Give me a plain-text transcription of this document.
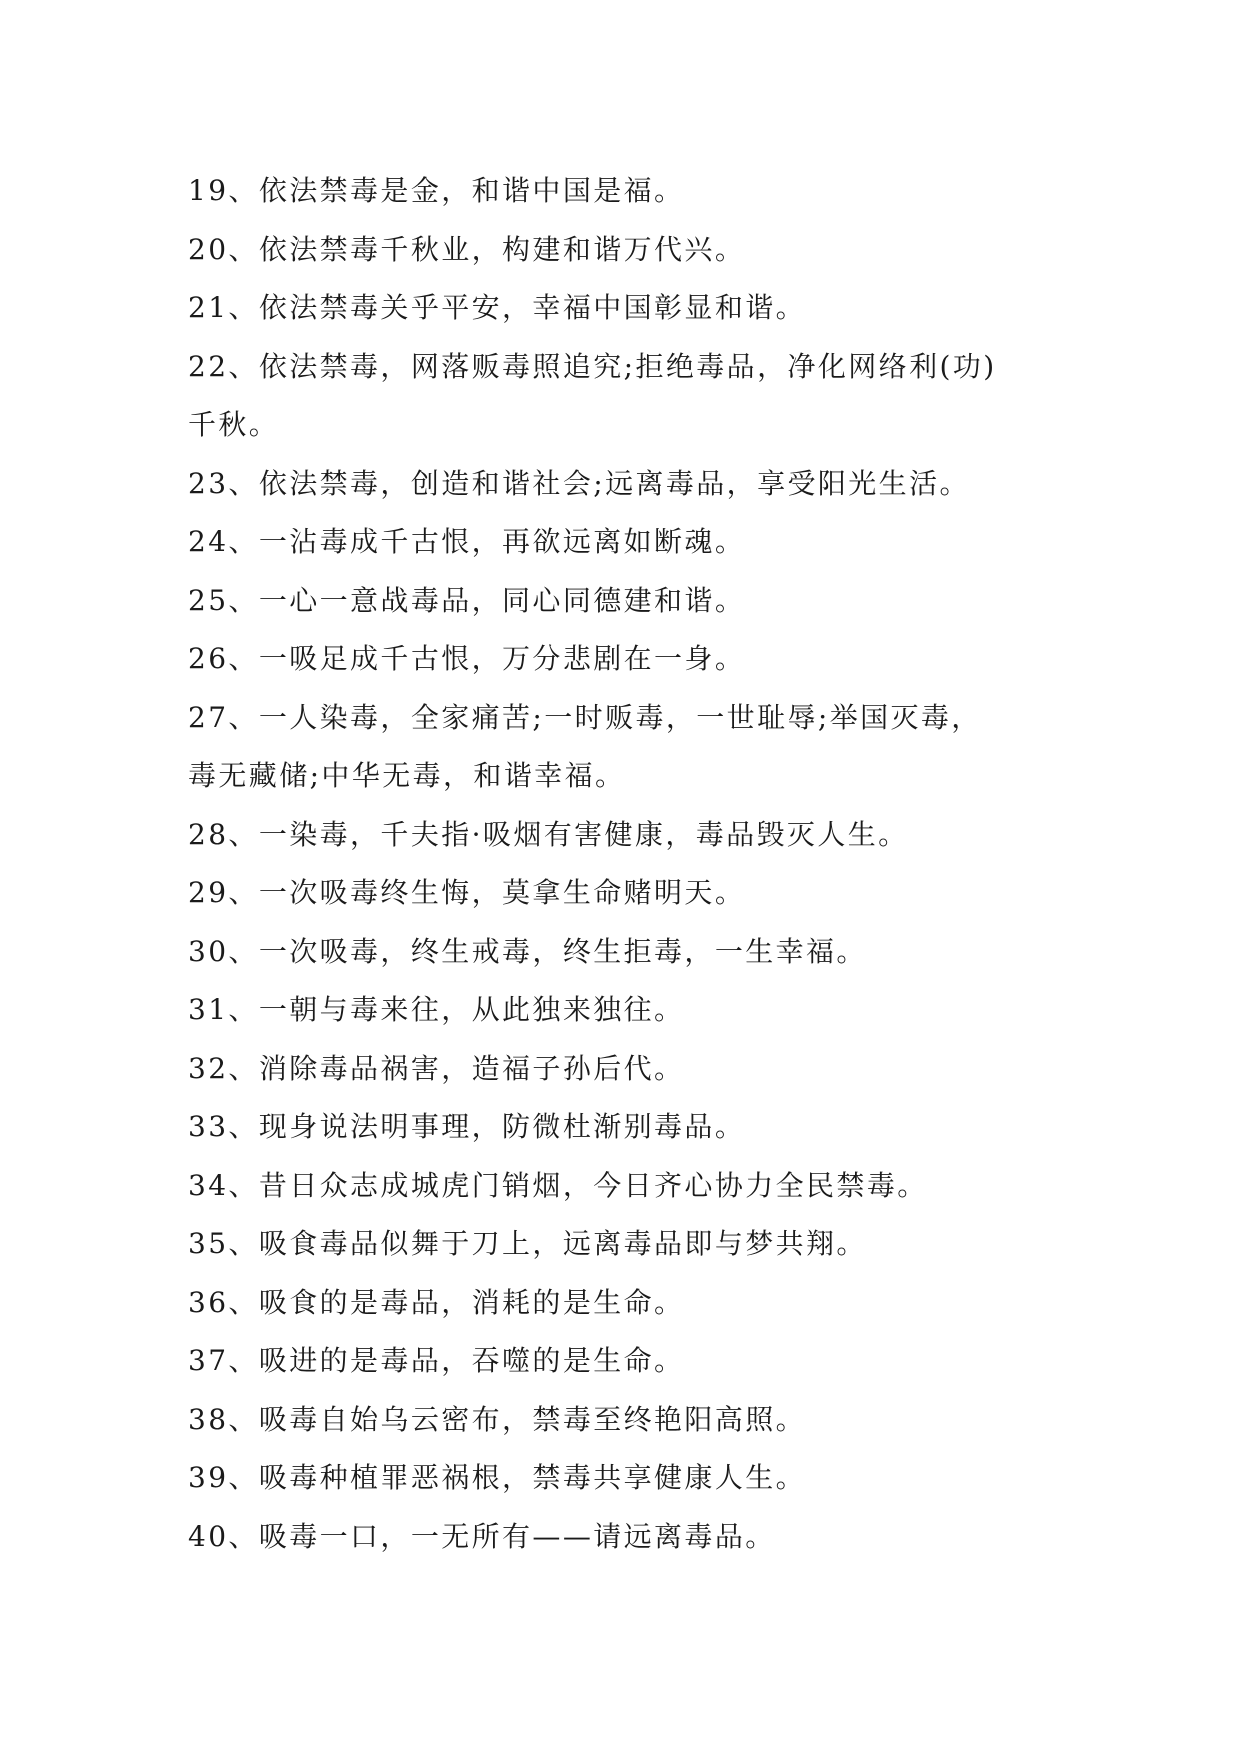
19、依法禁毒是金，和谐中国是福。
20、依法禁毒千秋业，构建和谐万代兴。
21、依法禁毒关乎平安，幸福中国彰显和谐。
22、依法禁毒，网落贩毒照追究;拒绝毒品，净化网络利(功)
千秋。
23、依法禁毒，创造和谐社会;远离毒品，享受阳光生活。
24、一沾毒成千古恨，再欲远离如断魂。
25、一心一意战毒品，同心同德建和谐。
26、一吸足成千古恨，万分悲剧在一身。
27、一人染毒，全家痛苦;一时贩毒，一世耻辱;举国灭毒，
毒无藏储;中华无毒，和谐幸福。
28、一染毒，千夫指·吸烟有害健康，毒品毁灭人生。
29、一次吸毒终生悔，莫拿生命赌明天。
30、一次吸毒，终生戒毒，终生拒毒，一生幸福。
31、一朝与毒来往，从此独来独往。
32、消除毒品祸害，造福子孙后代。
33、现身说法明事理，防微杜渐别毒品。
34、昔日众志成城虎门销烟，今日齐心协力全民禁毒。
35、吸食毒品似舞于刀上，远离毒品即与梦共翔。
36、吸食的是毒品，消耗的是生命。
37、吸进的是毒品，吞噬的是生命。
38、吸毒自始乌云密布，禁毒至终艳阳高照。
39、吸毒种植罪恶祸根，禁毒共享健康人生。
40、吸毒一口，一无所有——请远离毒品。
